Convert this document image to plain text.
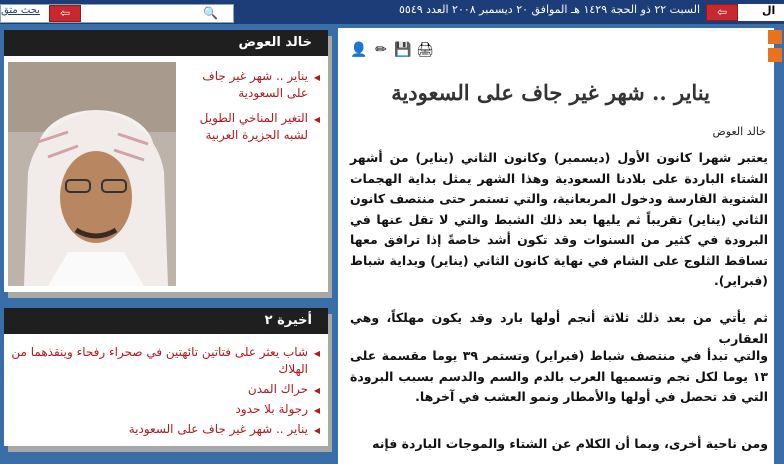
السبت ٢٢ ذو الحجة ١٤٢٩ هـ الموافق ٢٠ ديسمبر ٢٠٠٨ العدد ٥٥٤٩
بحث متق	⇦	🔍	⇦	ال
خالد العوض
◀ يناير .. شهر غير جاف على السعودية
◀ التغير المناخي الطويل لشبه الجزيرة العربية
أخيرة ٢
◀ شاب يعثر على فتاتين تائهتين في صحراء رفحاء وينقذهما من الهلاك
◀ حراك المدن
◀ رجولة بلا حدود
◀ يناير .. شهر غير جاف على السعودية
👤 ✏ 💾 🖨
يناير .. شهر غير جاف على السعودية
خالد العوض
يعتبر شهرا كانون الأول (ديسمبر) وكانون الثاني (يناير) من أشهر الشتاء الباردة على بلادنا السعودية وهذا الشهر يمثل بداية الهجمات الشتوية القارسة ودخول المربعانية، والتي تستمر حتى منتصف كانون الثاني (يناير) تقريباً ثم يليها بعد ذلك الشبط والتي لا تقل عنها في البرودة في كثير من السنوات وقد تكون أشد خاصةً إذا ترافق معها تساقط الثلوج على الشام في نهاية كانون الثاني (يناير) وبداية شباط (فبراير).
ثم يأتي من بعد ذلك ثلاثة أنجم أولها بارد وقد يكون مهلكاً، وهي العقارب
والتي تبدأ في منتصف شباط (فبراير) وتستمر ٣٩ يوما مقسمة على ١٣ يوما لكل نجم وتسميها العرب بالدم والسم والدسم بسبب البرودة التي قد تحصل في أولها والأمطار ونمو العشب في آخرها.
ومن ناحية أخرى، وبما أن الكلام عن الشتاء والموجات الباردة فإنه
